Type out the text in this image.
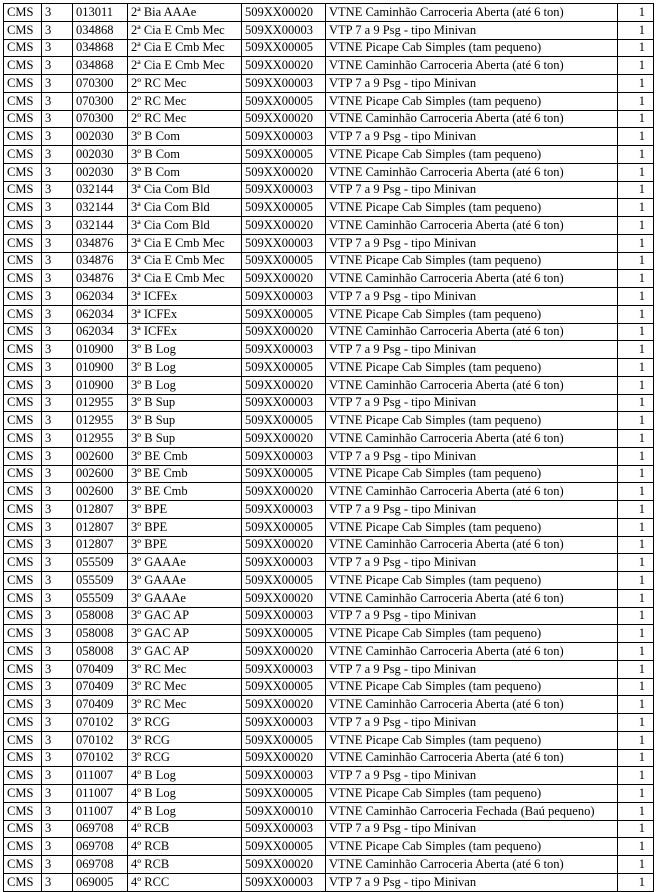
CMS	3	013011	2ª Bia AAAe	509XX00020	VTNE Caminhão Carroceria Aberta (até 6 ton)	1
CMS	3	034868	2ª Cia E Cmb Mec	509XX00003	VTP 7 a 9 Psg - tipo Minivan	1
CMS	3	034868	2ª Cia E Cmb Mec	509XX00005	VTNE Picape Cab Simples (tam pequeno)	1
CMS	3	034868	2ª Cia E Cmb Mec	509XX00020	VTNE Caminhão Carroceria Aberta (até 6 ton)	1
CMS	3	070300	2º RC Mec	509XX00003	VTP 7 a 9 Psg - tipo Minivan	1
CMS	3	070300	2º RC Mec	509XX00005	VTNE Picape Cab Simples (tam pequeno)	1
CMS	3	070300	2º RC Mec	509XX00020	VTNE Caminhão Carroceria Aberta (até 6 ton)	1
CMS	3	002030	3º B Com	509XX00003	VTP 7 a 9 Psg - tipo Minivan	1
CMS	3	002030	3º B Com	509XX00005	VTNE Picape Cab Simples (tam pequeno)	1
CMS	3	002030	3º B Com	509XX00020	VTNE Caminhão Carroceria Aberta (até 6 ton)	1
CMS	3	032144	3ª Cia Com Bld	509XX00003	VTP 7 a 9 Psg - tipo Minivan	1
CMS	3	032144	3ª Cia Com Bld	509XX00005	VTNE Picape Cab Simples (tam pequeno)	1
CMS	3	032144	3ª Cia Com Bld	509XX00020	VTNE Caminhão Carroceria Aberta (até 6 ton)	1
CMS	3	034876	3ª Cia E Cmb Mec	509XX00003	VTP 7 a 9 Psg - tipo Minivan	1
CMS	3	034876	3ª Cia E Cmb Mec	509XX00005	VTNE Picape Cab Simples (tam pequeno)	1
CMS	3	034876	3ª Cia E Cmb Mec	509XX00020	VTNE Caminhão Carroceria Aberta (até 6 ton)	1
CMS	3	062034	3ª ICFEx	509XX00003	VTP 7 a 9 Psg - tipo Minivan	1
CMS	3	062034	3ª ICFEx	509XX00005	VTNE Picape Cab Simples (tam pequeno)	1
CMS	3	062034	3ª ICFEx	509XX00020	VTNE Caminhão Carroceria Aberta (até 6 ton)	1
CMS	3	010900	3º B Log	509XX00003	VTP 7 a 9 Psg - tipo Minivan	1
CMS	3	010900	3º B Log	509XX00005	VTNE Picape Cab Simples (tam pequeno)	1
CMS	3	010900	3º B Log	509XX00020	VTNE Caminhão Carroceria Aberta (até 6 ton)	1
CMS	3	012955	3º B Sup	509XX00003	VTP 7 a 9 Psg - tipo Minivan	1
CMS	3	012955	3º B Sup	509XX00005	VTNE Picape Cab Simples (tam pequeno)	1
CMS	3	012955	3º B Sup	509XX00020	VTNE Caminhão Carroceria Aberta (até 6 ton)	1
CMS	3	002600	3º BE Cmb	509XX00003	VTP 7 a 9 Psg - tipo Minivan	1
CMS	3	002600	3º BE Cmb	509XX00005	VTNE Picape Cab Simples (tam pequeno)	1
CMS	3	002600	3º BE Cmb	509XX00020	VTNE Caminhão Carroceria Aberta (até 6 ton)	1
CMS	3	012807	3º BPE	509XX00003	VTP 7 a 9 Psg - tipo Minivan	1
CMS	3	012807	3º BPE	509XX00005	VTNE Picape Cab Simples (tam pequeno)	1
CMS	3	012807	3º BPE	509XX00020	VTNE Caminhão Carroceria Aberta (até 6 ton)	1
CMS	3	055509	3º GAAAe	509XX00003	VTP 7 a 9 Psg - tipo Minivan	1
CMS	3	055509	3º GAAAe	509XX00005	VTNE Picape Cab Simples (tam pequeno)	1
CMS	3	055509	3º GAAAe	509XX00020	VTNE Caminhão Carroceria Aberta (até 6 ton)	1
CMS	3	058008	3º GAC AP	509XX00003	VTP 7 a 9 Psg - tipo Minivan	1
CMS	3	058008	3º GAC AP	509XX00005	VTNE Picape Cab Simples (tam pequeno)	1
CMS	3	058008	3º GAC AP	509XX00020	VTNE Caminhão Carroceria Aberta (até 6 ton)	1
CMS	3	070409	3º RC Mec	509XX00003	VTP 7 a 9 Psg - tipo Minivan	1
CMS	3	070409	3º RC Mec	509XX00005	VTNE Picape Cab Simples (tam pequeno)	1
CMS	3	070409	3º RC Mec	509XX00020	VTNE Caminhão Carroceria Aberta (até 6 ton)	1
CMS	3	070102	3º RCG	509XX00003	VTP 7 a 9 Psg - tipo Minivan	1
CMS	3	070102	3º RCG	509XX00005	VTNE Picape Cab Simples (tam pequeno)	1
CMS	3	070102	3º RCG	509XX00020	VTNE Caminhão Carroceria Aberta (até 6 ton)	1
CMS	3	011007	4º B Log	509XX00003	VTP 7 a 9 Psg - tipo Minivan	1
CMS	3	011007	4º B Log	509XX00005	VTNE Picape Cab Simples (tam pequeno)	1
CMS	3	011007	4º B Log	509XX00010	VTNE Caminhão Carroceria Fechada (Baú pequeno)	1
CMS	3	069708	4º RCB	509XX00003	VTP 7 a 9 Psg - tipo Minivan	1
CMS	3	069708	4º RCB	509XX00005	VTNE Picape Cab Simples (tam pequeno)	1
CMS	3	069708	4º RCB	509XX00020	VTNE Caminhão Carroceria Aberta (até 6 ton)	1
CMS	3	069005	4º RCC	509XX00003	VTP 7 a 9 Psg - tipo Minivan	1
